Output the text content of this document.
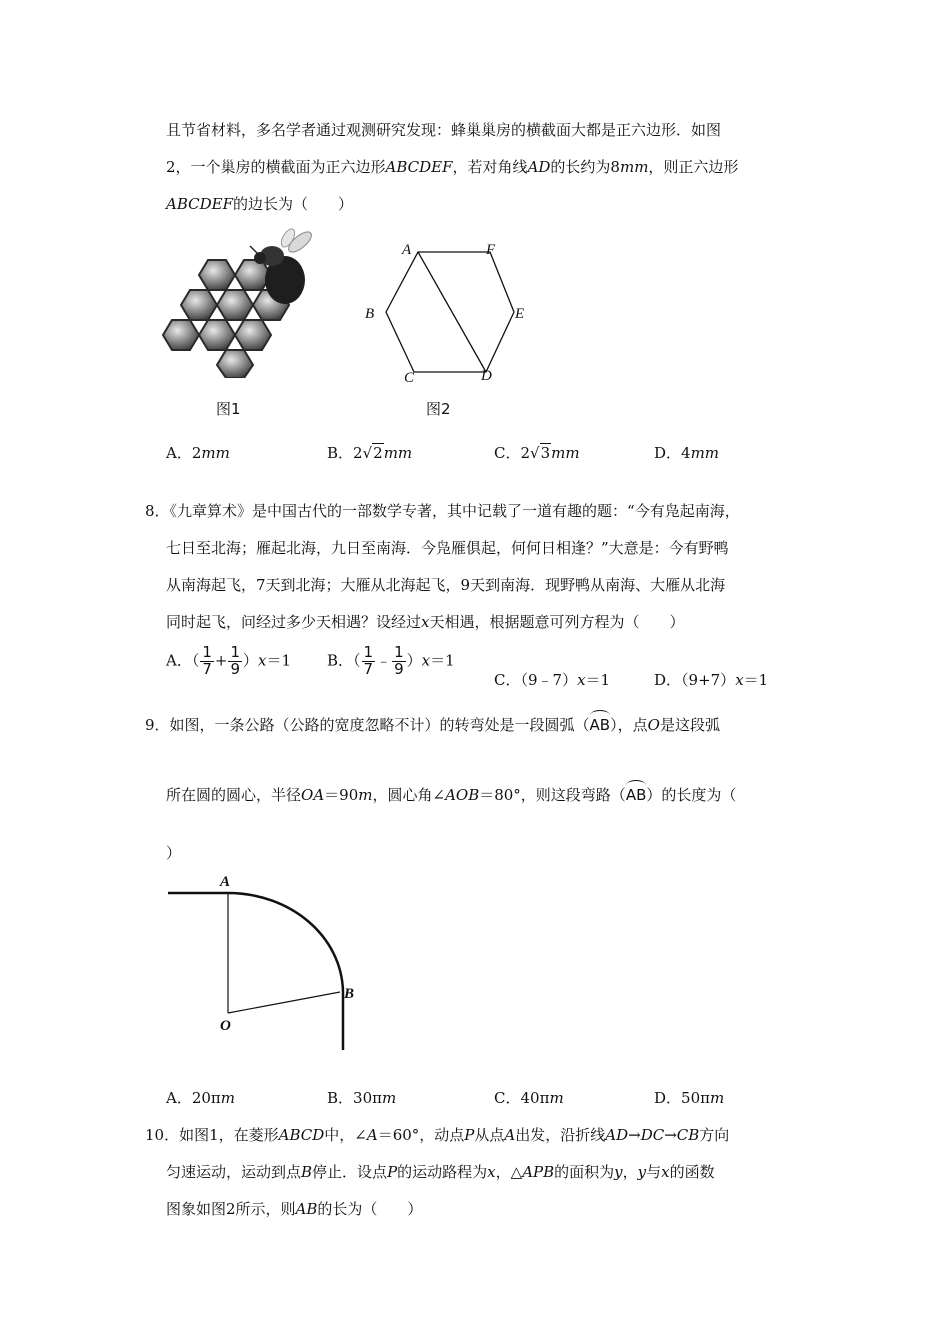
且节省材料，多名学者通过观测研究发现：蜂巢巢房的横截面大都是正六边形．如图
2，一个巢房的横截面为正六边形ABCDEF，若对角线AD的长约为8mm，则正六边形
ABCDEF的边长为（　　）
图1
A	F
B	E
C	D
图2
A．2mm	B．2√2mm	C．2√3mm	D．4mm
8．《九章算术》是中国古代的一部数学专著，其中记载了一道有趣的题：“今有凫起南海，
七日至北海；雁起北海，九日至南海．今凫雁俱起，何何日相逢？”大意是：今有野鸭
从南海起飞，7天到北海；大雁从北海起飞，9天到南海．现野鸭从南海、大雁从北海
同时起飞，问经过多少天相遇？设经过x天相遇，根据题意可列方程为（　　）
A．（ $\frac{1}{7} + \frac{1}{9} )x=1$ B．（ $\frac{1}{7}$ ﹣ $\frac{1}{9} )x=1$
C．（9﹣7）x＝1	D．（9+7）x＝1
9．如图，一条公路（公路的宽度忽略不计）的转弯处是一段圆弧（AB），点O是这段弧
所在圆的圆心，半径OA＝90m，圆心角∠AOB＝80°，则这段弯路（AB）的长度为（
）
A
B
O
A．20πm	B．30πm	C．40πm	D．50πm
10．如图1，在菱形ABCD中，∠A＝60°，动点P从点A出发，沿折线AD→DC→CB方向
匀速运动，运动到点B停止．设点P的运动路程为x，△APB的面积为y，y与x的函数
图象如图2所示，则AB的长为（　　）
